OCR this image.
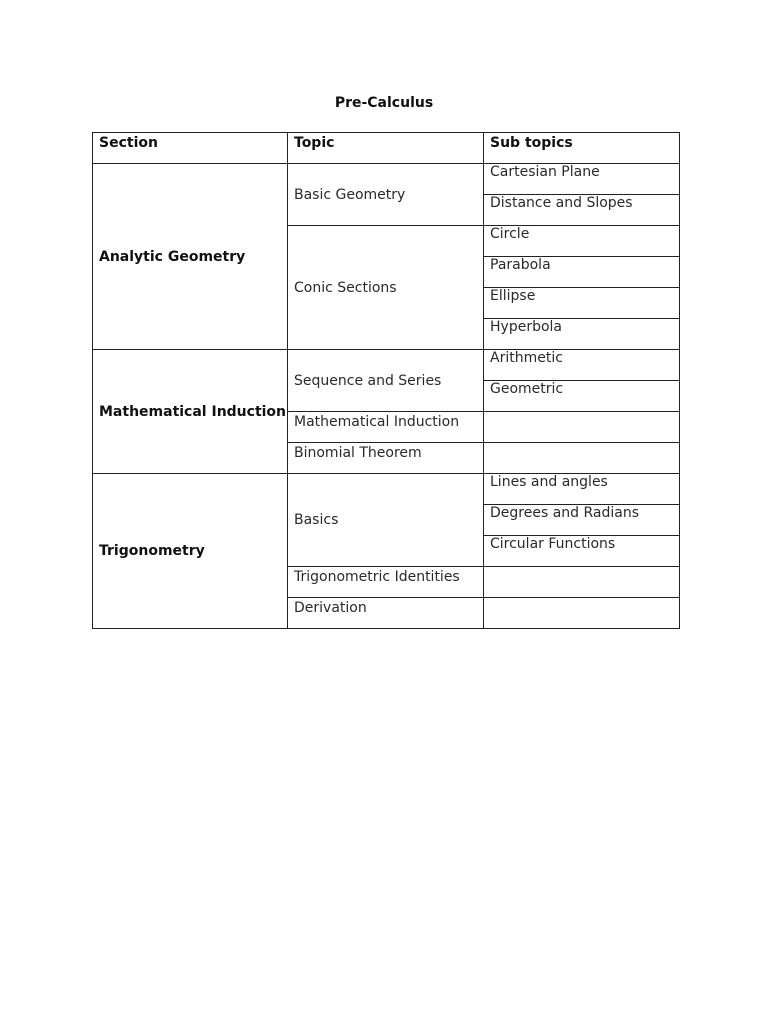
Pre-Calculus
Section	Topic	Sub topics
Analytic Geometry	Basic Geometry	Cartesian Plane
		Distance and Slopes
	Conic Sections	Circle
		Parabola
		Ellipse
		Hyperbola
Mathematical Induction	Sequence and Series	Arithmetic
		Geometric
	Mathematical Induction	
	Binomial Theorem	
Trigonometry	Basics	Lines and angles
		Degrees and Radians
		Circular Functions
	Trigonometric Identities	
	Derivation	
